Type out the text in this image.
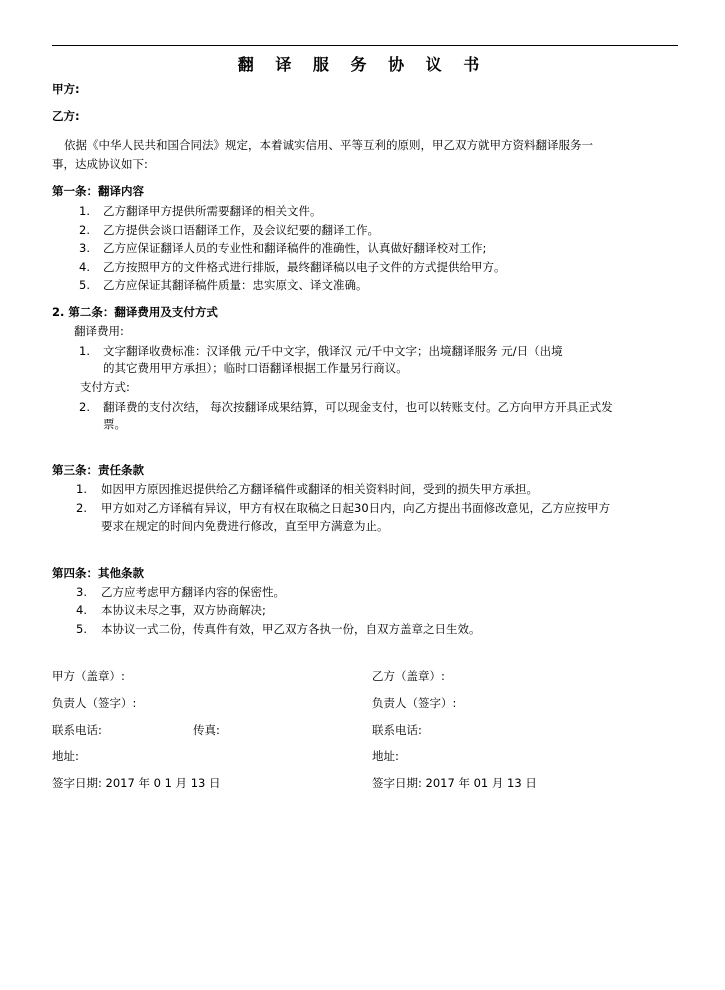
翻 译 服 务 协 议 书
甲方:
乙方:
依据《中华人民共和国合同法》规定，本着诚实信用、平等互利的原则，甲乙双方就甲方资料翻译服务一
事，达成协议如下:
第一条：翻译内容
1. 乙方翻译甲方提供所需要翻译的相关文件。
2. 乙方提供会谈口语翻译工作，及会议纪要的翻译工作。
3. 乙方应保证翻译人员的专业性和翻译稿件的准确性，认真做好翻译校对工作;
4. 乙方按照甲方的文件格式进行排版，最终翻译稿以电子文件的方式提供给甲方。
5. 乙方应保证其翻译稿件质量：忠实原文、译文准确。
2. 第二条：翻译费用及支付方式
翻译费用:
1. 文字翻译收费标准：汉译俄 元/千中文字，俄译汉 元/千中文字；出境翻译服务 元/日（出境
的其它费用甲方承担）；临时口语翻译根据工作量另行商议。
支付方式:
2. 翻译费的支付次结， 每次按翻译成果结算，可以现金支付，也可以转账支付。乙方向甲方开具正式发
票。
第三条：责任条款
1. 如因甲方原因推迟提供给乙方翻译稿件或翻译的相关资料时间，受到的损失甲方承担。
2. 甲方如对乙方译稿有异议，甲方有权在取稿之日起30日内，向乙方提出书面修改意见，乙方应按甲方
要求在规定的时间内免费进行修改，直至甲方满意为止。
第四条：其他条款
3. 乙方应考虑甲方翻译内容的保密性。
4. 本协议未尽之事，双方协商解决;
5. 本协议一式二份，传真件有效，甲乙双方各执一份，自双方盖章之日生效。
甲方（盖章）:
负责人（签字）:
联系电话:	传真:
地址:
签字日期: 2017 年 0 1 月 13 日
乙方（盖章）:
负责人（签字）:
联系电话:
地址:
签字日期: 2017 年 01 月 13 日
